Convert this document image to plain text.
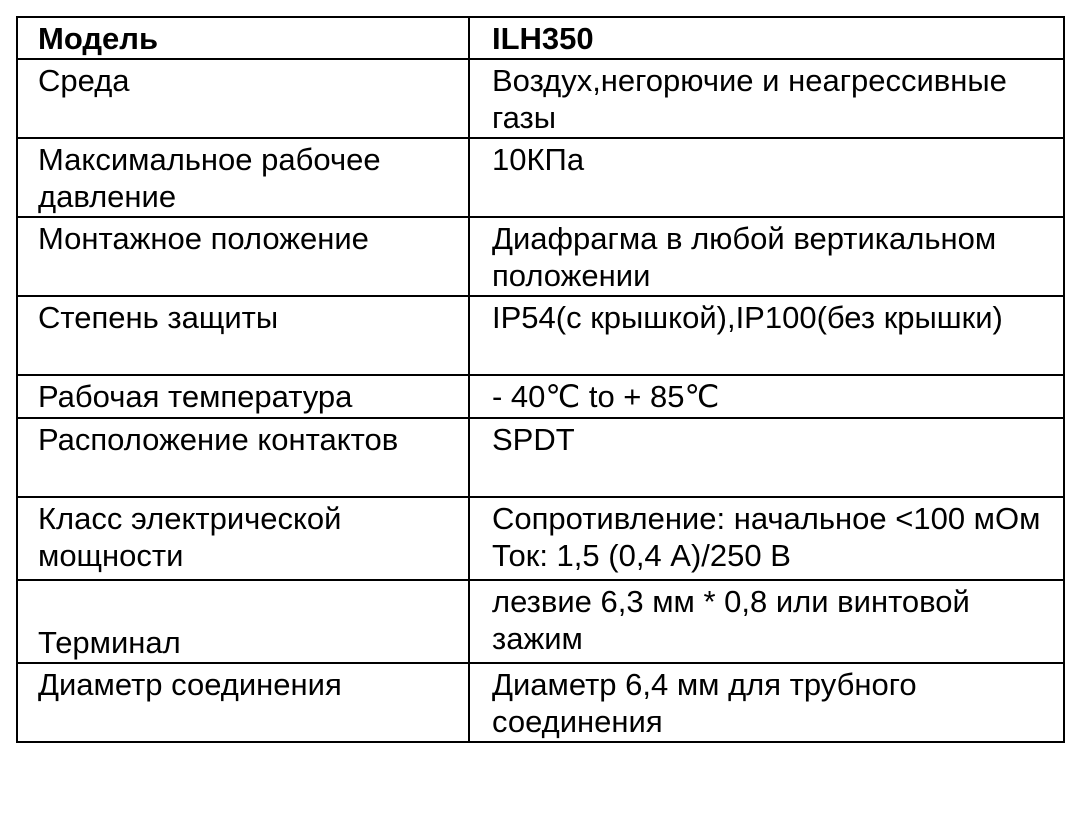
Модель	ILH350
Среда	Воздух,негорючие и неагрессивные газы
Максимальное рабочее давление	10КПа
Монтажное положение	Диафрагма в любой вертикальном положении
Степень защиты	IP54(с крышкой),IP100(без крышки)
Рабочая температура	- 40℃ to + 85℃
Расположение контактов	SPDT
Класс электрической мощности	Сопротивление: начальное <100 мОм Ток: 1,5 (0,4 А)/250 В
Терминал	лезвие 6,3 мм * 0,8 или винтовой зажим
Диаметр соединения	Диаметр 6,4 мм для трубного соединения
